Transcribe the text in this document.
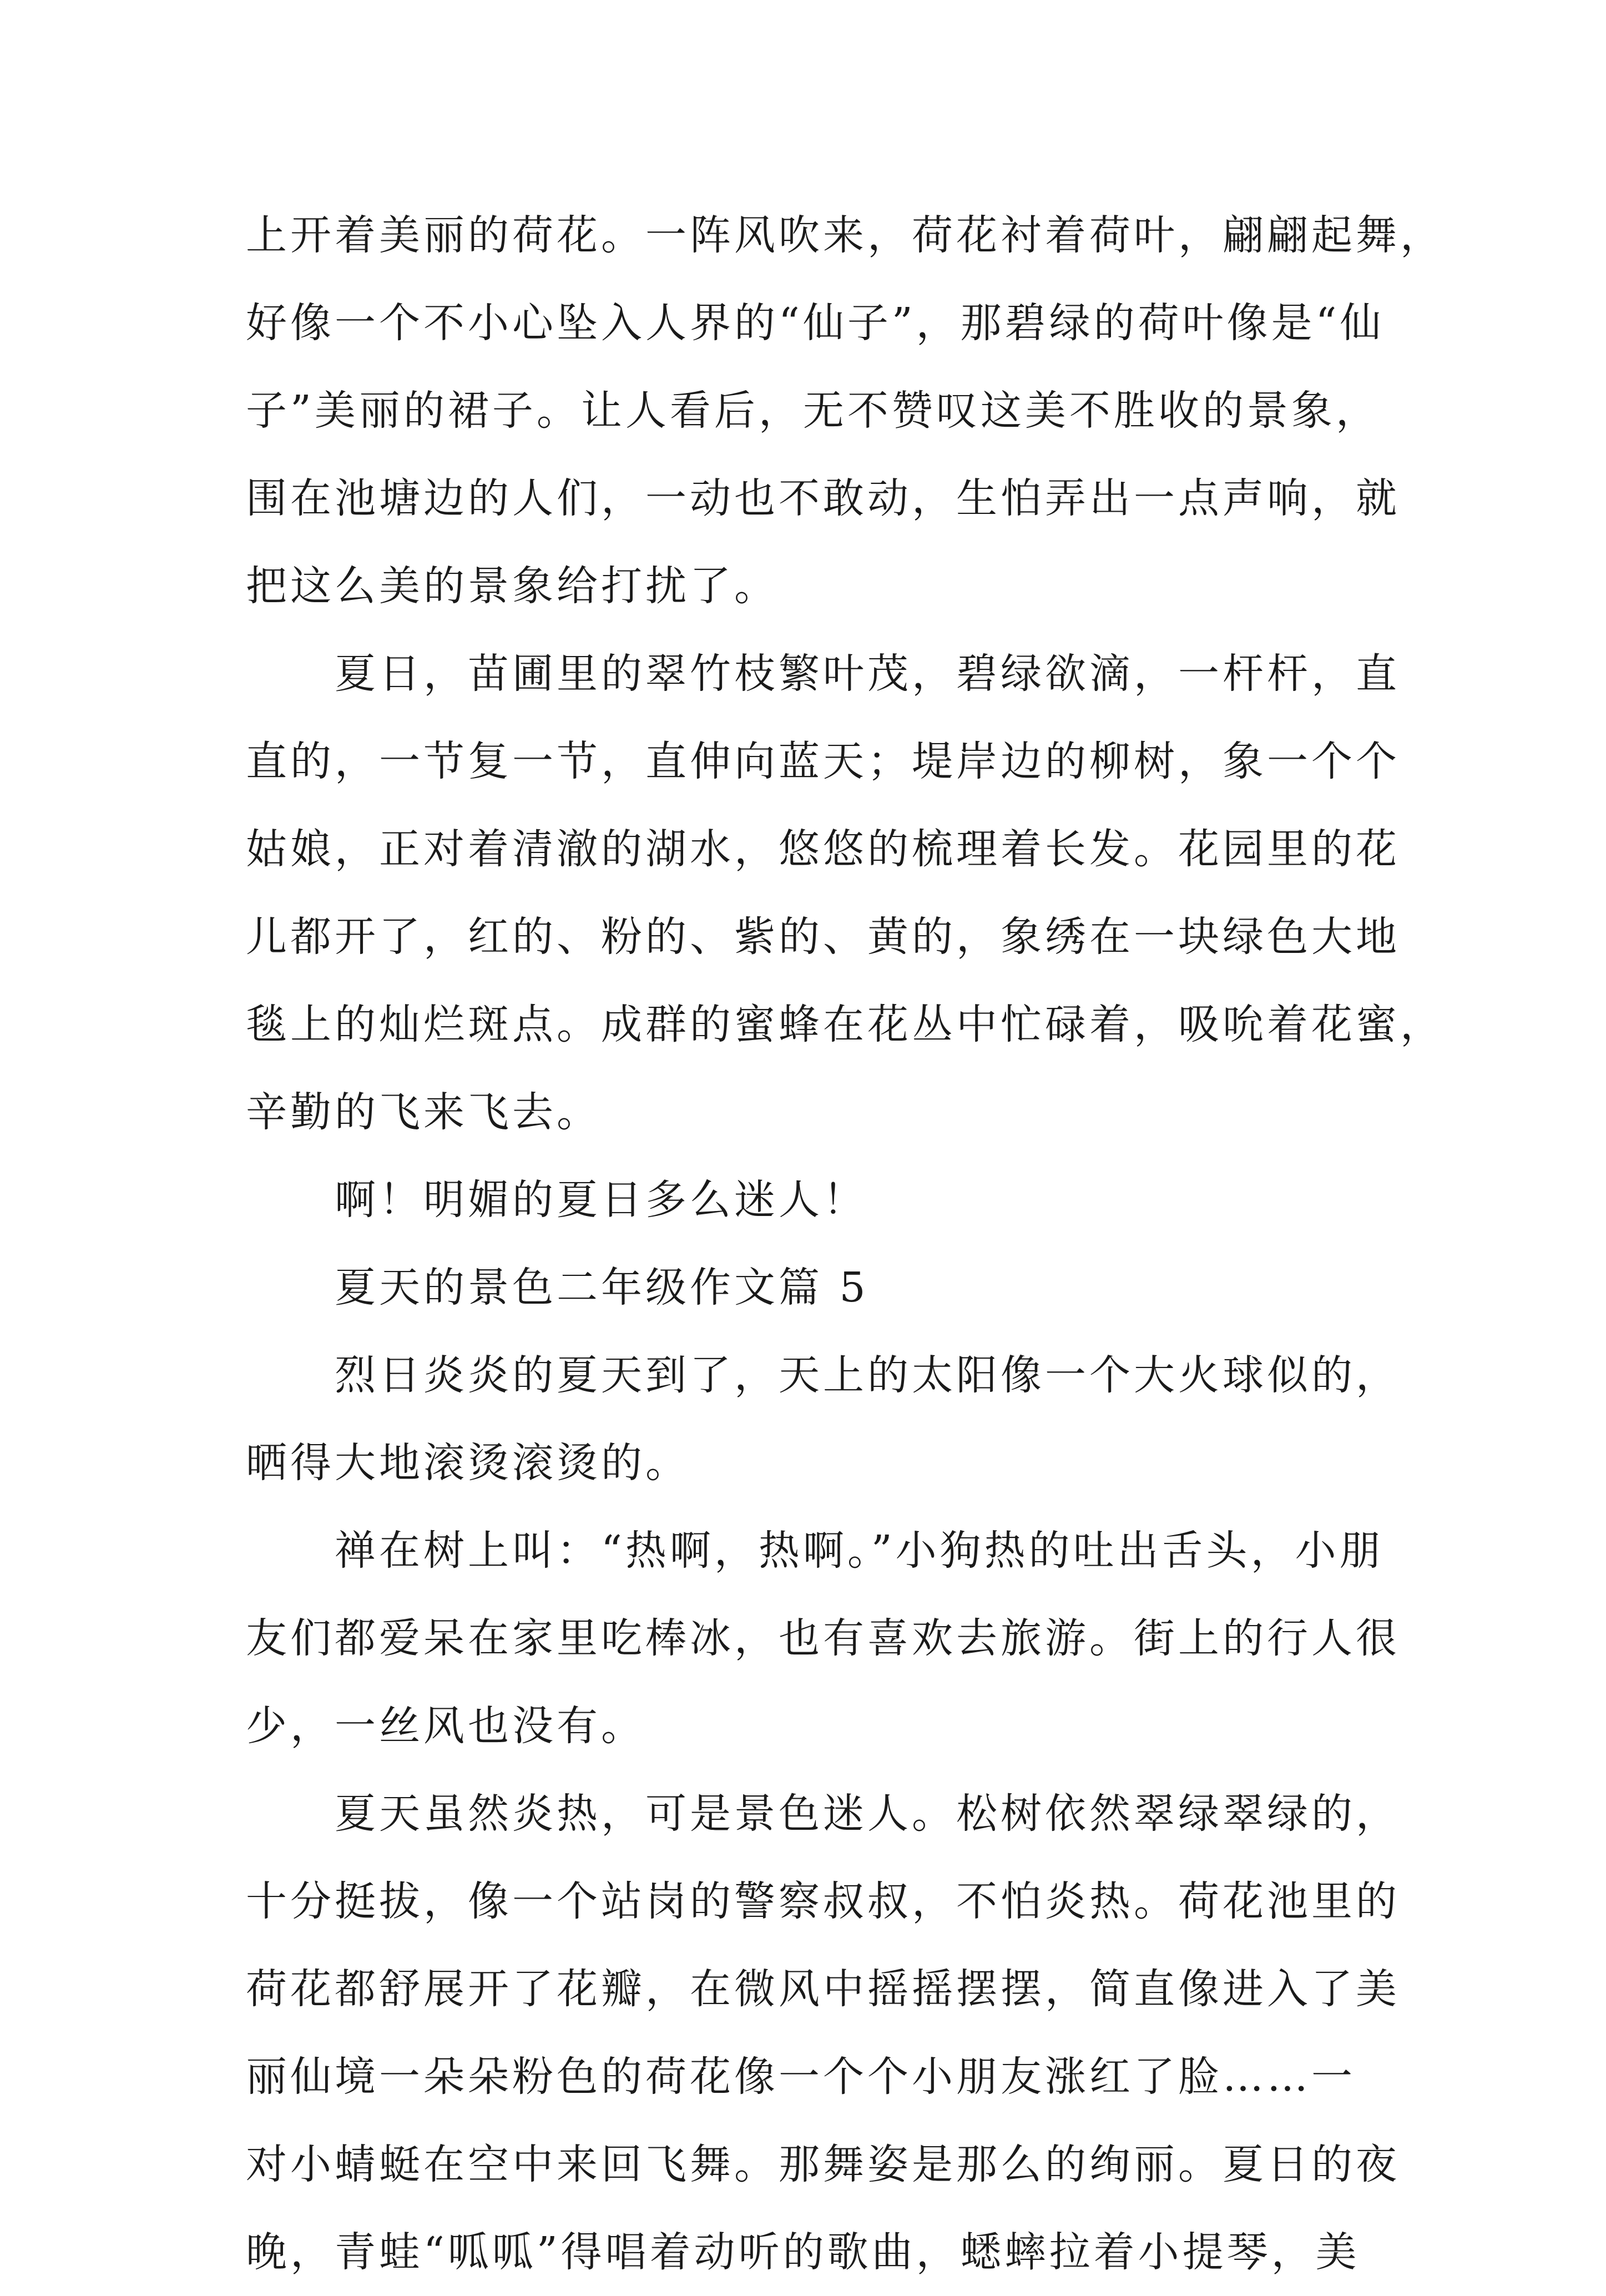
上开着美丽的荷花。一阵风吹来，荷花衬着荷叶，翩翩起舞，
好像一个不小心坠入人界的“仙子”，那碧绿的荷叶像是“仙
子”美丽的裙子。让人看后，无不赞叹这美不胜收的景象，
围在池塘边的人们，一动也不敢动，生怕弄出一点声响，就
把这么美的景象给打扰了。
夏日，苗圃里的翠竹枝繁叶茂，碧绿欲滴，一杆杆，直
直的，一节复一节，直伸向蓝天；堤岸边的柳树，象一个个
姑娘，正对着清澈的湖水，悠悠的梳理着长发。花园里的花
儿都开了，红的、粉的、紫的、黄的，象绣在一块绿色大地
毯上的灿烂斑点。成群的蜜蜂在花丛中忙碌着，吸吮着花蜜，
辛勤的飞来飞去。
啊！明媚的夏日多么迷人！
夏天的景色二年级作文篇 5
烈日炎炎的夏天到了，天上的太阳像一个大火球似的，
晒得大地滚烫滚烫的。
禅在树上叫：“热啊，热啊。”小狗热的吐出舌头，小朋
友们都爱呆在家里吃棒冰，也有喜欢去旅游。街上的行人很
少，一丝风也没有。
夏天虽然炎热，可是景色迷人。松树依然翠绿翠绿的，
十分挺拔，像一个站岗的警察叔叔，不怕炎热。荷花池里的
荷花都舒展开了花瓣，在微风中摇摇摆摆，简直像进入了美
丽仙境一朵朵粉色的荷花像一个个小朋友涨红了脸……一
对小蜻蜓在空中来回飞舞。那舞姿是那么的绚丽。夏日的夜
晚，青蛙“呱呱”得唱着动听的歌曲，蟋蟀拉着小提琴，美
